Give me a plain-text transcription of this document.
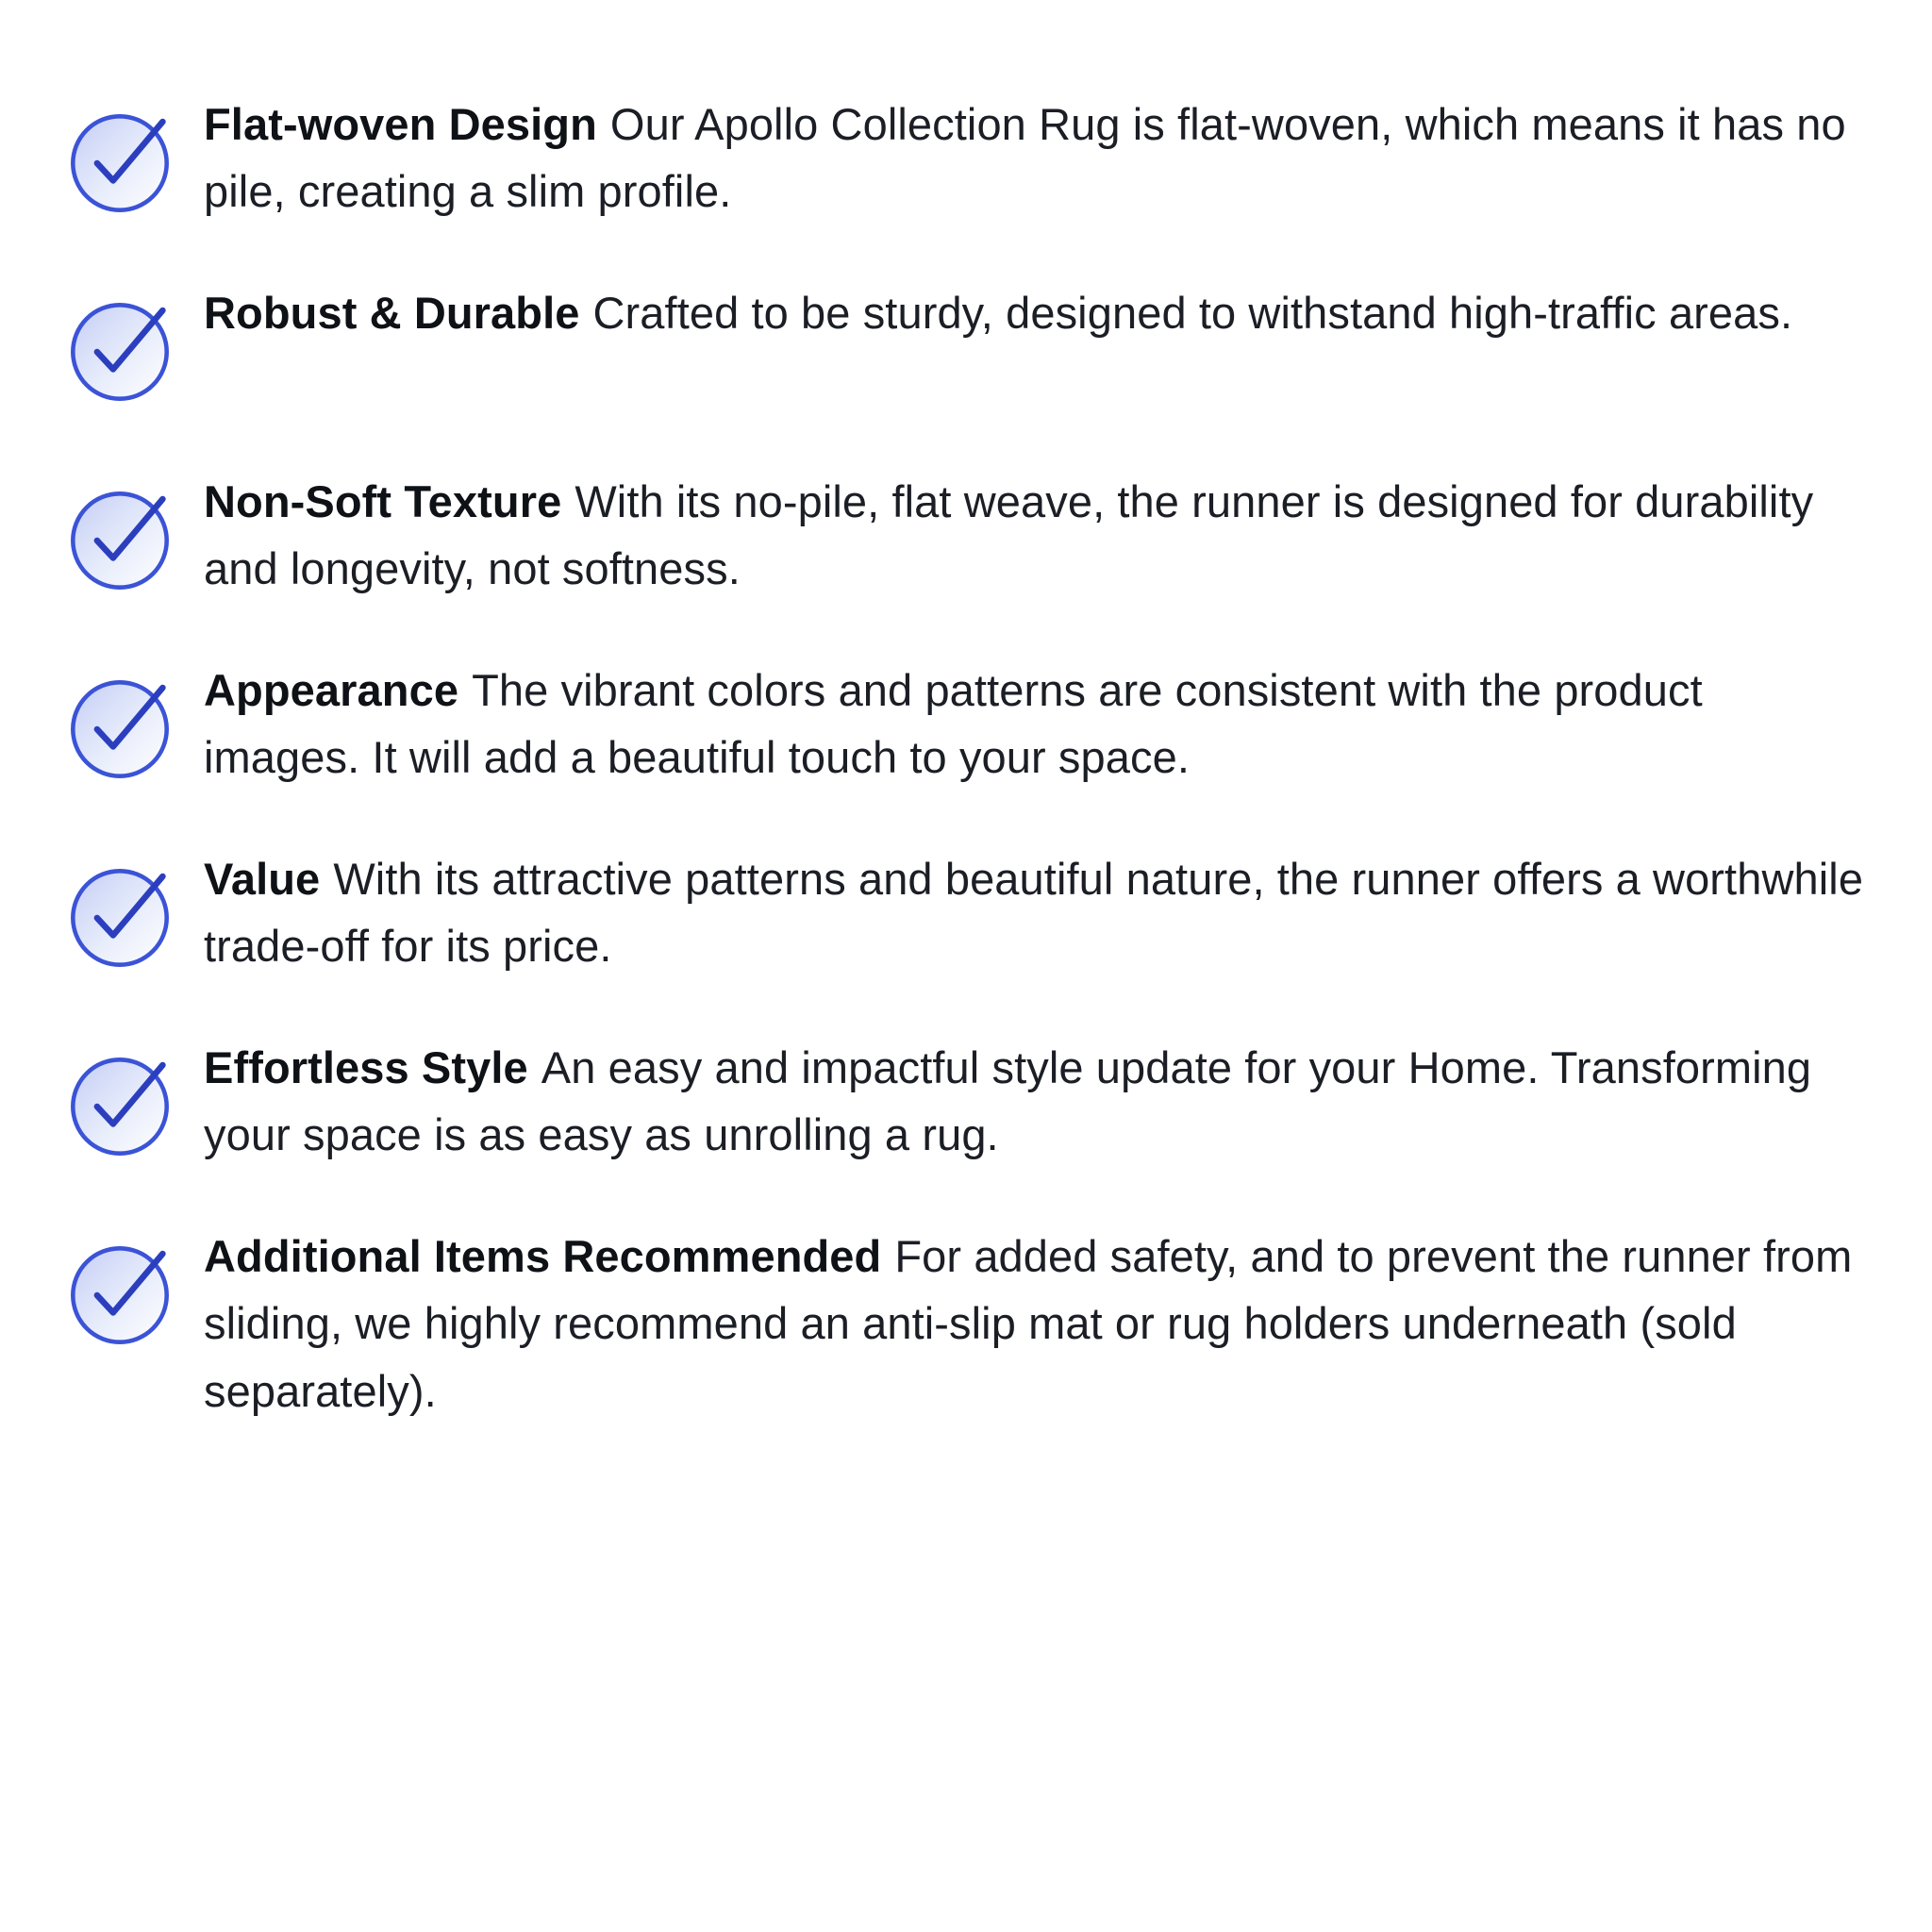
Flat-woven Design Our Apollo Collection Rug is flat-woven, which means it has no pile, creating a slim profile.
Robust & Durable Crafted to be sturdy, designed to withstand high-traffic areas.
Non-Soft Texture With its no-pile, flat weave, the runner is designed for durability and longevity, not softness.
Appearance The vibrant colors and patterns are consistent with the product images. It will add a beautiful touch to your space.
Value With its attractive patterns and beautiful nature, the runner offers a worthwhile trade-off for its price.
Effortless Style An easy and impactful style update for your Home. Transforming your space is as easy as unrolling a rug.
Additional Items Recommended For added safety, and to prevent the runner from sliding, we highly recommend an anti-slip mat or rug holders underneath (sold separately).
